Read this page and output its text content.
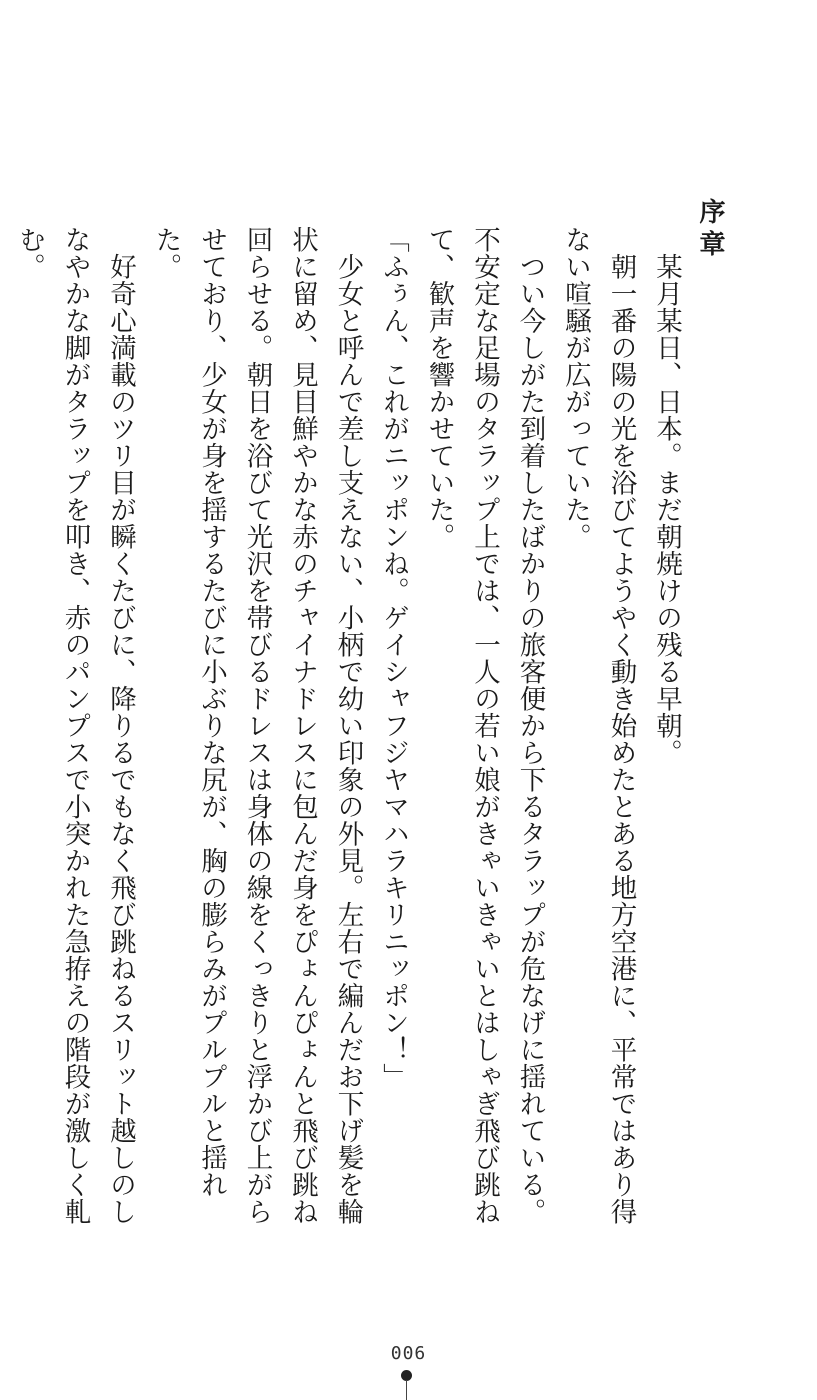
序章

　某月某日、日本。まだ朝焼けの残る早朝。

　朝一番の陽の光を浴びてようやく動き始めたとある地方空港に、平常ではあり得ない喧騒が広がっていた。

　つい今しがた到着したばかりの旅客便から下るタラップが危なげに揺れている。不安定な足場のタラップ上では、一人の若い娘がきゃいきゃいとはしゃぎ飛び跳ねて、歓声を響かせていた。

「ふぅん、これがニッポンね。ゲイシャフジヤマハラキリニッポン！」

　少女と呼んで差し支えない、小柄で幼い印象の外見。左右で編んだお下げ髪を輪状に留め、見目鮮やかな赤のチャイナドレスに包んだ身をぴょんぴょんと飛び跳ね回らせる。朝日を浴びて光沢を帯びるドレスは身体の線をくっきりと浮かび上がらせており、少女が身を揺するたびに小ぶりな尻が、胸の膨らみがプルプルと揺れた。

　好奇心満載のツリ目が瞬くたびに、降りるでもなく飛び跳ねるスリット越しのしなやかな脚がタラップを叩き、赤のパンプスで小突かれた急拵えの階段が激しく軋む。

006
